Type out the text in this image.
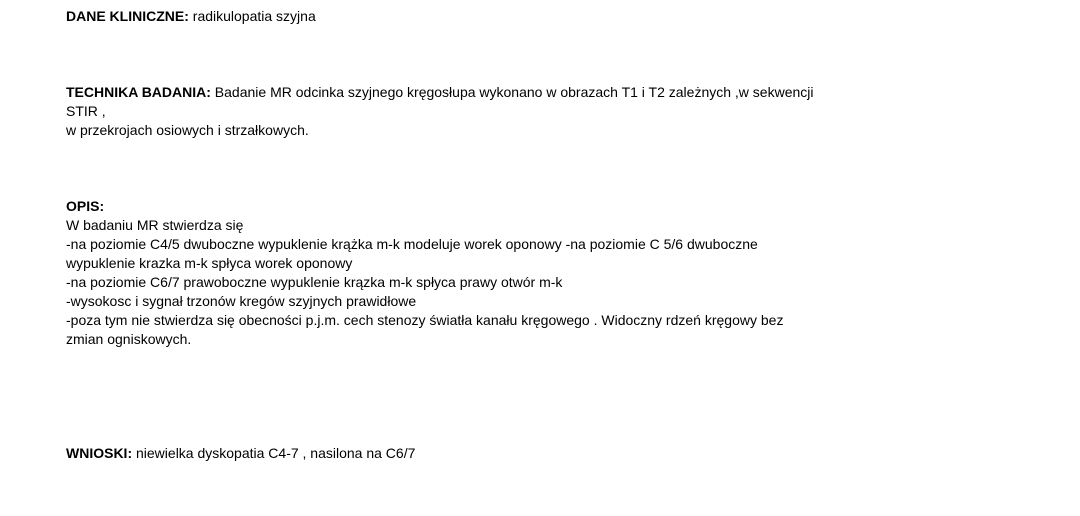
DANE KLINICZNE: radikulopatia szyjna
TECHNIKA BADANIA: Badanie MR odcinka szyjnego kręgosłupa wykonano w obrazach T1 i T2 zależnych ,w sekwencji
STIR ,
w przekrojach osiowych i strzałkowych.
OPIS:
W badaniu MR stwierdza się
-na poziomie C4/5 dwuboczne wypuklenie krążka m-k modeluje worek oponowy -na poziomie C 5/6 dwuboczne
wypuklenie krazka m-k spłyca worek oponowy
-na poziomie C6/7 prawoboczne wypuklenie krązka m-k spłyca prawy otwór m-k
-wysokosc i sygnał trzonów kregów szyjnych prawidłowe
-poza tym nie stwierdza się obecności p.j.m. cech stenozy światła kanału kręgowego . Widoczny rdzeń kręgowy bez
zmian ogniskowych.
WNIOSKI: niewielka dyskopatia C4-7 , nasilona na C6/7
